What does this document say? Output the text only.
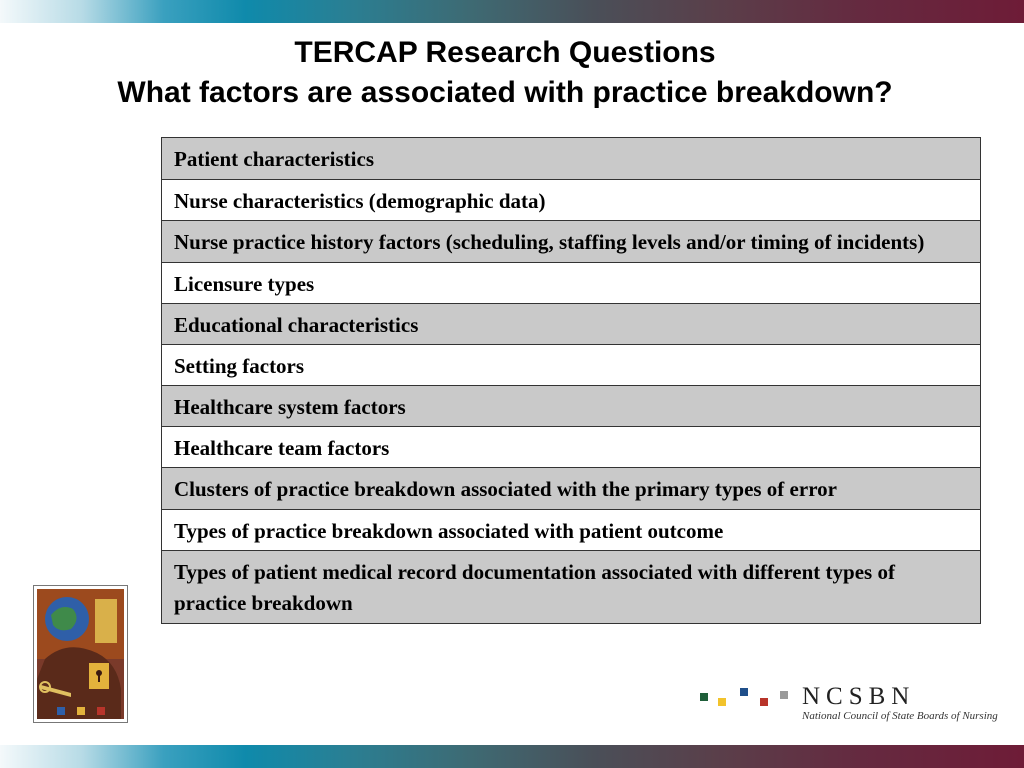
TERCAP Research Questions
What factors are associated with practice breakdown?
Patient characteristics
Nurse characteristics (demographic data)
Nurse practice history factors (scheduling, staffing levels and/or timing of incidents)
Licensure types
Educational characteristics
Setting factors
Healthcare system factors
Healthcare team factors
Clusters of practice breakdown associated with the primary types of error
Types of practice breakdown associated with patient outcome
Types of patient medical record documentation associated with different types of practice breakdown
NCSBN
National Council of State Boards of Nursing
